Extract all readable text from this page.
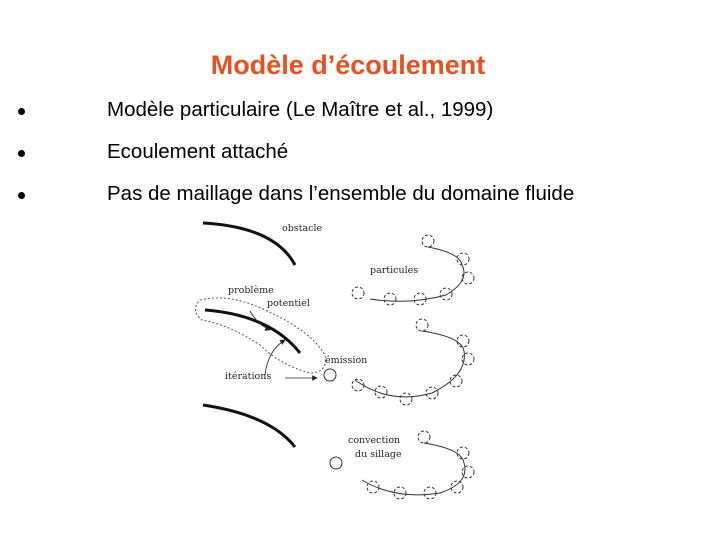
Modèle d’écoulement
Modèle particulaire (Le Maître et al., 1999)
Ecoulement attaché
Pas de maillage dans l’ensemble du domaine fluide
obstacle
problème
potentiel
itérations
particules
émission
convection
du sillage
